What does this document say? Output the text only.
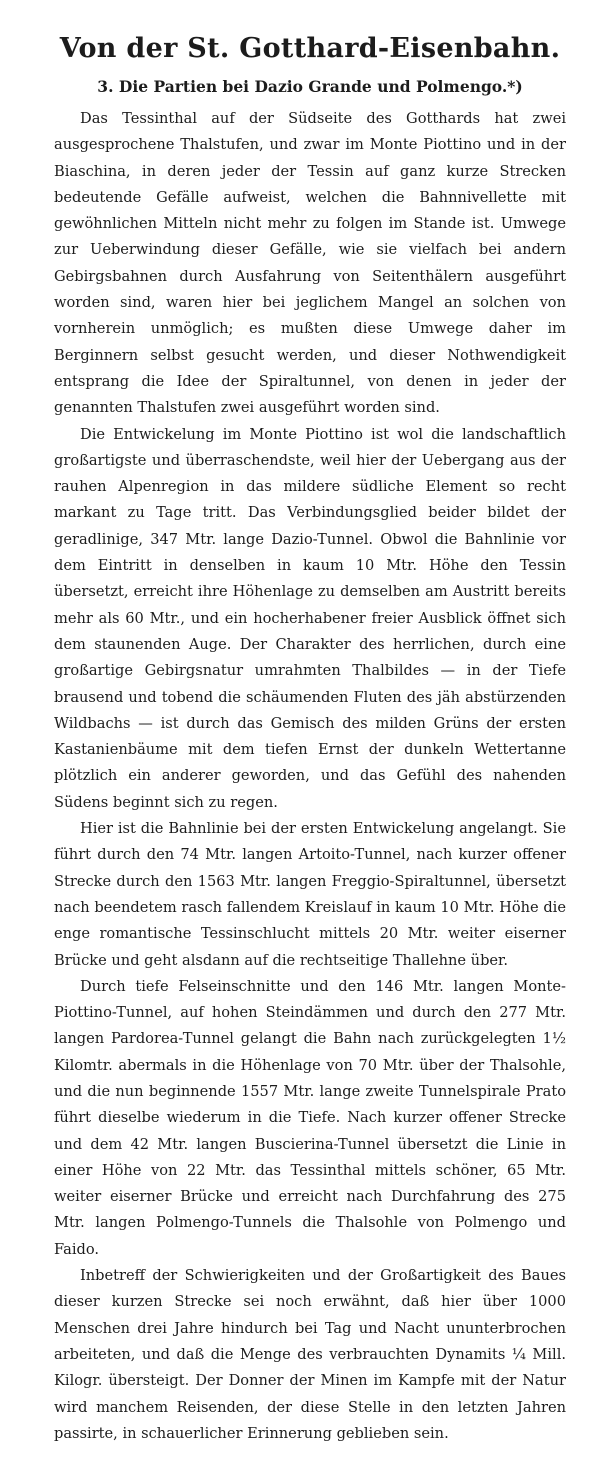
Von der St. Gotthard-Eisenbahn.
3. Die Partien bei Dazio Grande und Polmengo.*)

Das Tessinthal auf der Südseite des Gotthards hat zwei ausgesprochene Thalstufen, und zwar im Monte Piottino und in der Biaschina, in deren jeder der Tessin auf ganz kurze Strecken bedeutende Gefälle aufweist, welchen die Bahnnivellette mit gewöhnlichen Mitteln nicht mehr zu folgen im Stande ist. Umwege zur Ueberwindung dieser Gefälle, wie sie vielfach bei andern Gebirgsbahnen durch Ausfahrung von Seitenthälern ausgeführt worden sind, waren hier bei jeglichem Mangel an solchen von vornherein unmöglich; es mußten diese Umwege daher im Berginnern selbst gesucht werden, und dieser Nothwendigkeit entsprang die Idee der Spiraltunnel, von denen in jeder der genannten Thalstufen zwei ausgeführt worden sind.

Die Entwickelung im Monte Piottino ist wol die landschaftlich großartigste und überraschendste, weil hier der Uebergang aus der rauhen Alpenregion in das mildere südliche Element so recht markant zu Tage tritt. Das Verbindungsglied beider bildet der geradlinige, 347 Mtr. lange Dazio-Tunnel. Obwol die Bahnlinie vor dem Eintritt in denselben in kaum 10 Mtr. Höhe den Tessin übersetzt, erreicht ihre Höhenlage zu demselben am Austritt bereits mehr als 60 Mtr., und ein hocherhabener freier Ausblick öffnet sich dem staunenden Auge. Der Charakter des herrlichen, durch eine großartige Gebirgsnatur umrahmten Thalbildes — in der Tiefe brausend und tobend die schäumenden Fluten des jäh abstürzenden Wildbachs — ist durch das Gemisch des milden Grüns der ersten Kastanienbäume mit dem tiefen Ernst der dunkeln Wettertanne plötzlich ein anderer geworden, und das Gefühl des nahenden Südens beginnt sich zu regen.

Hier ist die Bahnlinie bei der ersten Entwickelung angelangt. Sie führt durch den 74 Mtr. langen Artoito-Tunnel, nach kurzer offener Strecke durch den 1563 Mtr. langen Freggio-Spiraltunnel, übersetzt nach beendetem rasch fallendem Kreislauf in kaum 10 Mtr. Höhe die enge romantische Tessinschlucht mittels 20 Mtr. weiter eiserner Brücke und geht alsdann auf die rechtseitige Thallehne über.

Durch tiefe Felseinschnitte und den 146 Mtr. langen Monte-Piottino-Tunnel, auf hohen Steindämmen und durch den 277 Mtr. langen Pardorea-Tunnel gelangt die Bahn nach zurückgelegten 1½ Kilomtr. abermals in die Höhenlage von 70 Mtr. über der Thalsohle, und die nun beginnende 1557 Mtr. lange zweite Tunnelspirale Prato führt dieselbe wiederum in die Tiefe. Nach kurzer offener Strecke und dem 42 Mtr. langen Buscierina-Tunnel übersetzt die Linie in einer Höhe von 22 Mtr. das Tessinthal mittels schöner, 65 Mtr. weiter eiserner Brücke und erreicht nach Durchfahrung des 275 Mtr. langen Polmengo-Tunnels die Thalsohle von Polmengo und Faido.

Inbetreff der Schwierigkeiten und der Großartigkeit des Baues dieser kurzen Strecke sei noch erwähnt, daß hier über 1000 Menschen drei Jahre hindurch bei Tag und Nacht ununterbrochen arbeiteten, und daß die Menge des verbrauchten Dynamits ¼ Mill. Kilogr. übersteigt. Der Donner der Minen im Kampfe mit der Natur wird manchem Reisenden, der diese Stelle in den letzten Jahren passirte, in schauerlicher Erinnerung geblieben sein.
